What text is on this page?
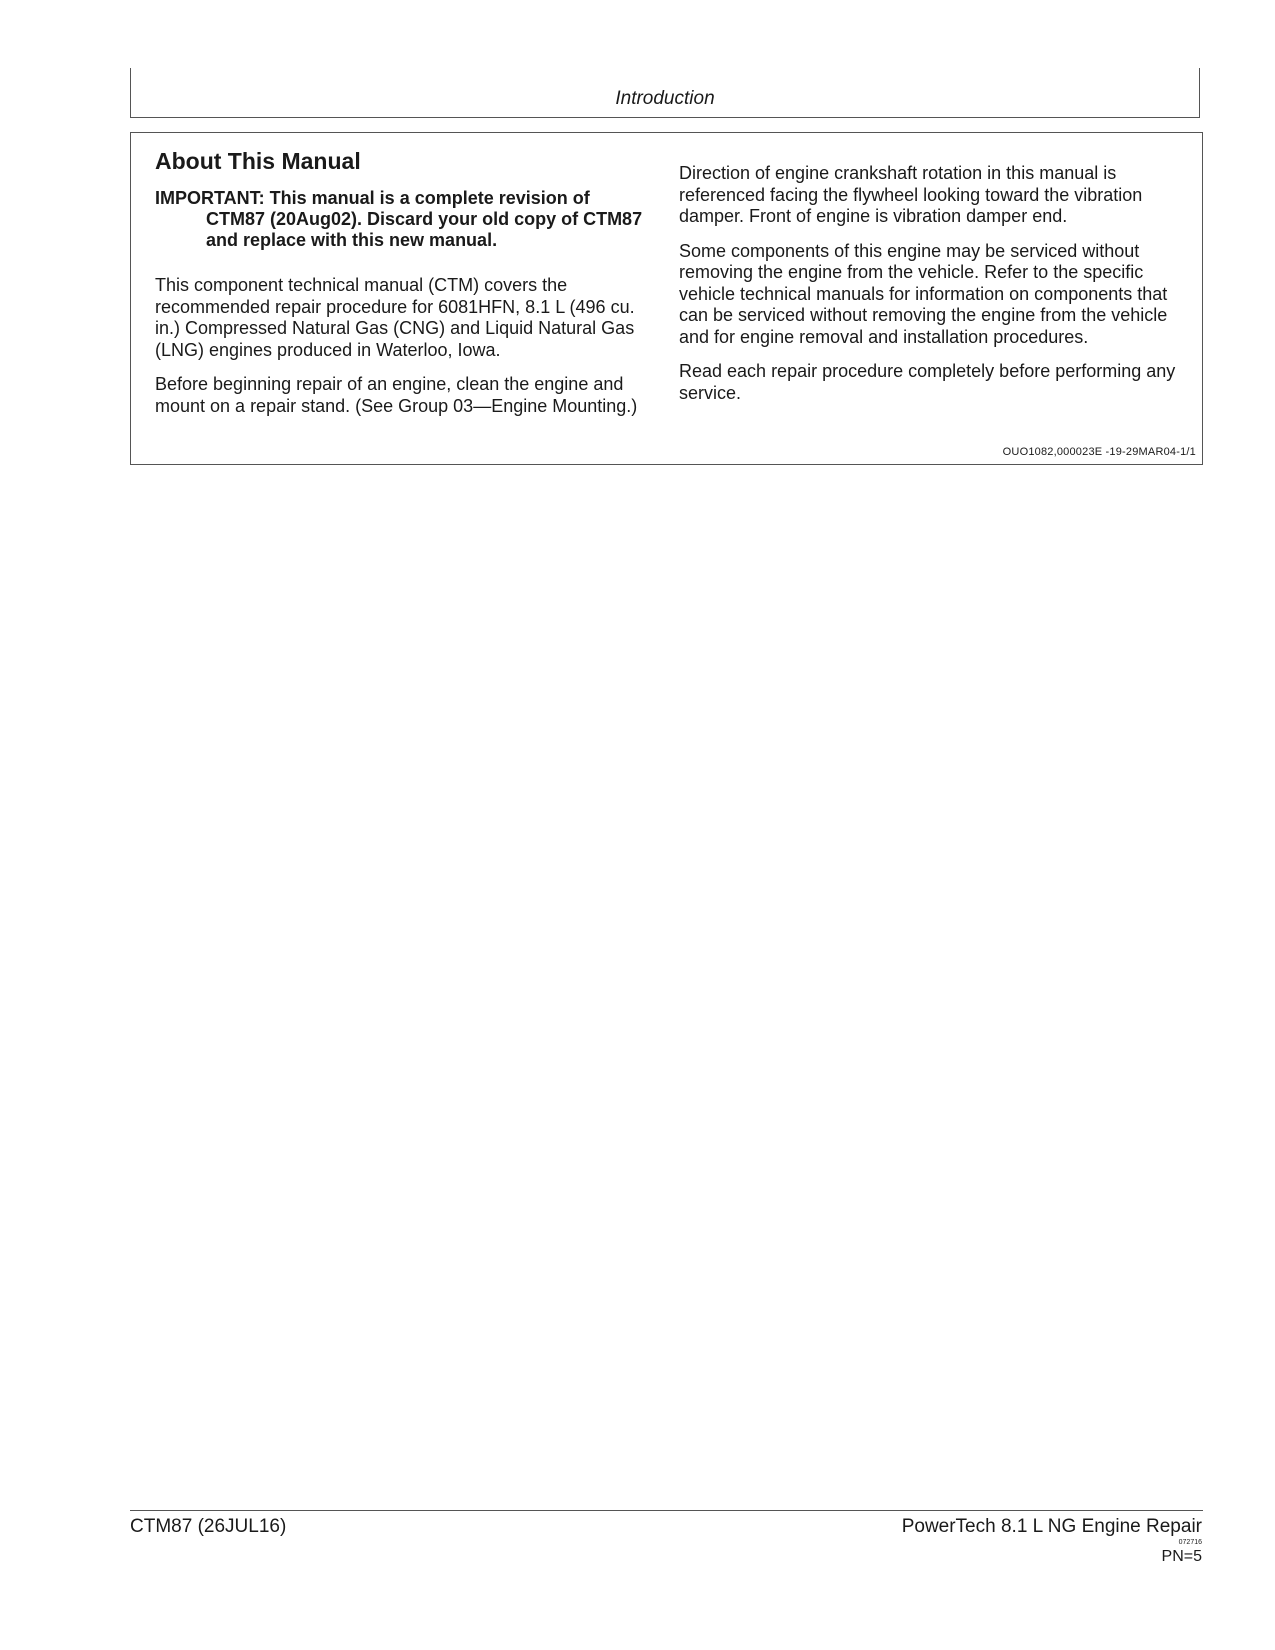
Introduction
About This Manual
IMPORTANT: This manual is a complete revision of CTM87 (20Aug02). Discard your old copy of CTM87 and replace with this new manual.

This component technical manual (CTM) covers the recommended repair procedure for 6081HFN, 8.1 L (496 cu. in.) Compressed Natural Gas (CNG) and Liquid Natural Gas (LNG) engines produced in Waterloo, Iowa.

Before beginning repair of an engine, clean the engine and mount on a repair stand. (See Group 03—Engine Mounting.)

Direction of engine crankshaft rotation in this manual is referenced facing the flywheel looking toward the vibration damper. Front of engine is vibration damper end.

Some components of this engine may be serviced without removing the engine from the vehicle. Refer to the specific vehicle technical manuals for information on components that can be serviced without removing the engine from the vehicle and for engine removal and installation procedures.

Read each repair procedure completely before performing any service.

OUO1082,000023E -19-29MAR04-1/1
CTM87 (26JUL16)	PowerTech 8.1 L NG Engine Repair
072716
PN=5
